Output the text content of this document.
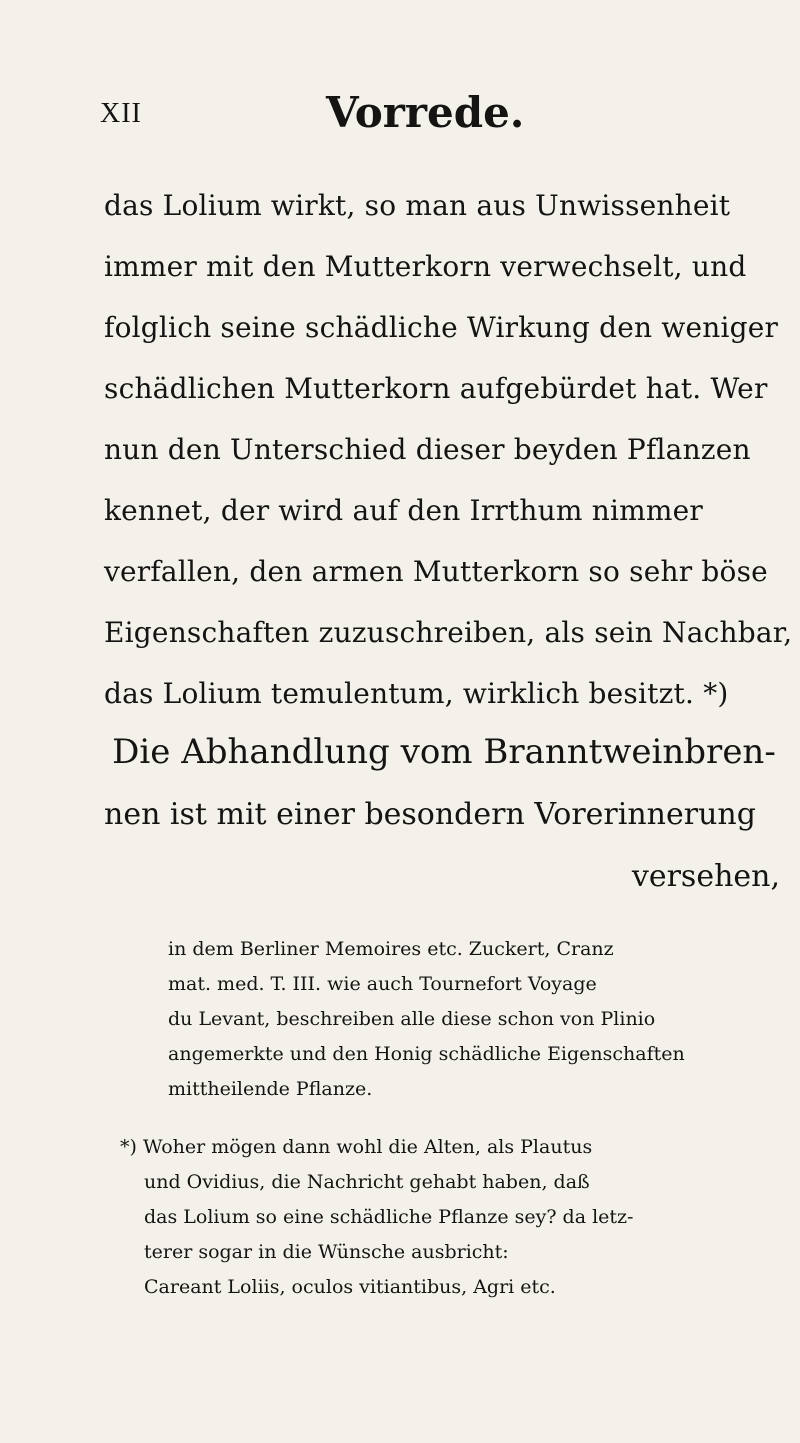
XII	Vorrede.
das Lolium wirkt, so man aus Unwissenheit
immer mit den Mutterkorn verwechselt, und
folglich seine schädliche Wirkung den weniger
schädlichen Mutterkorn aufgebürdet hat. Wer
nun den Unterschied dieser beyden Pflanzen
kennet, der wird auf den Irrthum nimmer
verfallen, den armen Mutterkorn so sehr böse
Eigenschaften zuzuschreiben, als sein Nachbar,
das Lolium temulentum, wirklich besitzt. *)
Die Abhandlung vom Branntweinbren-
nen ist mit einer besondern Vorerinnerung
versehen,
in dem Berliner Memoires etc. Zuckert, Cranz
mat. med. T. III. wie auch Tournefort Voyage
du Levant, beschreiben alle diese schon von Plinio
angemerkte und den Honig schädliche Eigenschaften
mittheilende Pflanze.
*) Woher mögen dann wohl die Alten, als Plautus
und Ovidius, die Nachricht gehabt haben, daß
das Lolium so eine schädliche Pflanze sey? da letz-
terer sogar in die Wünsche ausbricht:
Careant Loliis, oculos vitiantibus, Agri etc.
